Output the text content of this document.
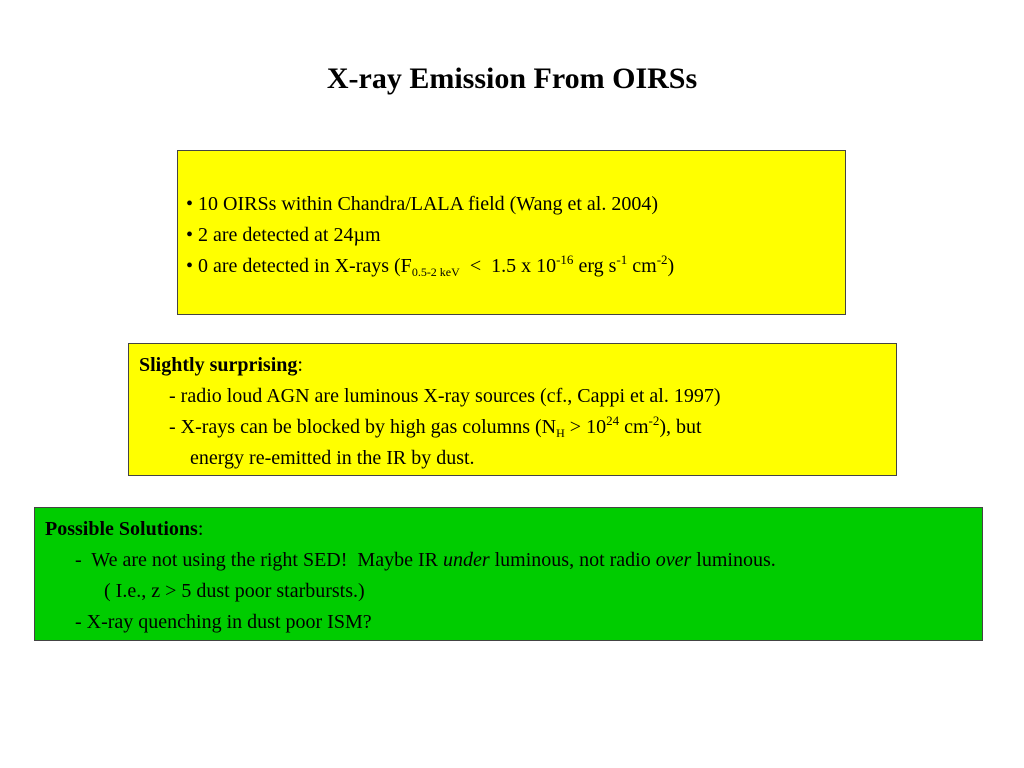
X-ray Emission From OIRSs
• 10 OIRSs within Chandra/LALA field (Wang et al. 2004)
• 2 are detected at 24µm
• 0 are detected in X-rays ($F_{0.5-2 keV} < 1.5$ x $10^{-16}$ erg $s^{-1}$ $cm^{-2}$)
Slightly surprising:
- radio loud AGN are luminous X-ray sources (cf., Cappi et al. 1997)
- X-rays can be blocked by high gas columns ($N_H > 10^{24}$ $cm^{-2}$), but
energy re-emitted in the IR by dust.
Possible Solutions:
-  We are not using the right SED!  Maybe IR under luminous, not radio over luminous.
( I.e., z > 5 dust poor starbursts.)
- X-ray quenching in dust poor ISM?
